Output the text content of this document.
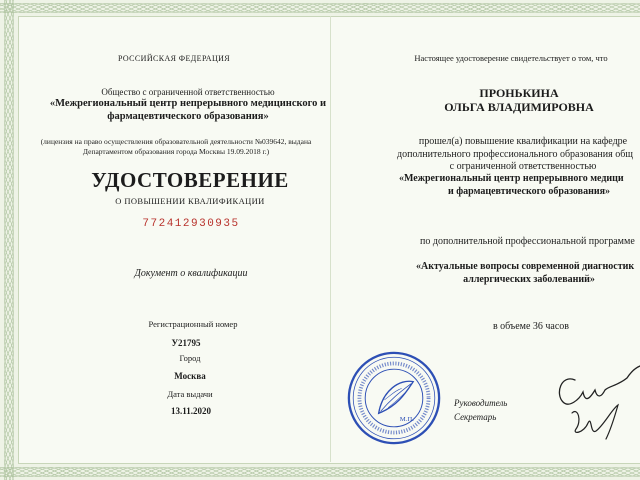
РОССИЙСКАЯ ФЕДЕРАЦИЯ
Общество с ограниченной ответственностью
«Межрегиональный центр непрерывного медицинского и
фармацевтического образования»
(лицензия на право осуществления образовательной деятельности №039642, выдана
Департаментом образования города Москвы 19.09.2018 г.)
УДОСТОВЕРЕНИЕ
О ПОВЫШЕНИИ КВАЛИФИКАЦИИ
772412930935
Документ о квалификации
Регистрационный номер
У21795
Город
Москва
Дата выдачи
13.11.2020
Настоящее удостоверение свидетельствует о том, что
ПРОНЬКИНА
ОЛЬГА ВЛАДИМИРОВНА
прошел(а) повышение квалификации на кафедре
дополнительного профессионального образования общ
с ограниченной ответственностью
«Межрегиональный центр непрерывного медици
и фармацевтического образования»
по дополнительной профессиональной программе
«Актуальные вопросы современной диагностик
аллергических заболеваний»
в объеме 36 часов
Руководитель
Секретарь
М.П.
